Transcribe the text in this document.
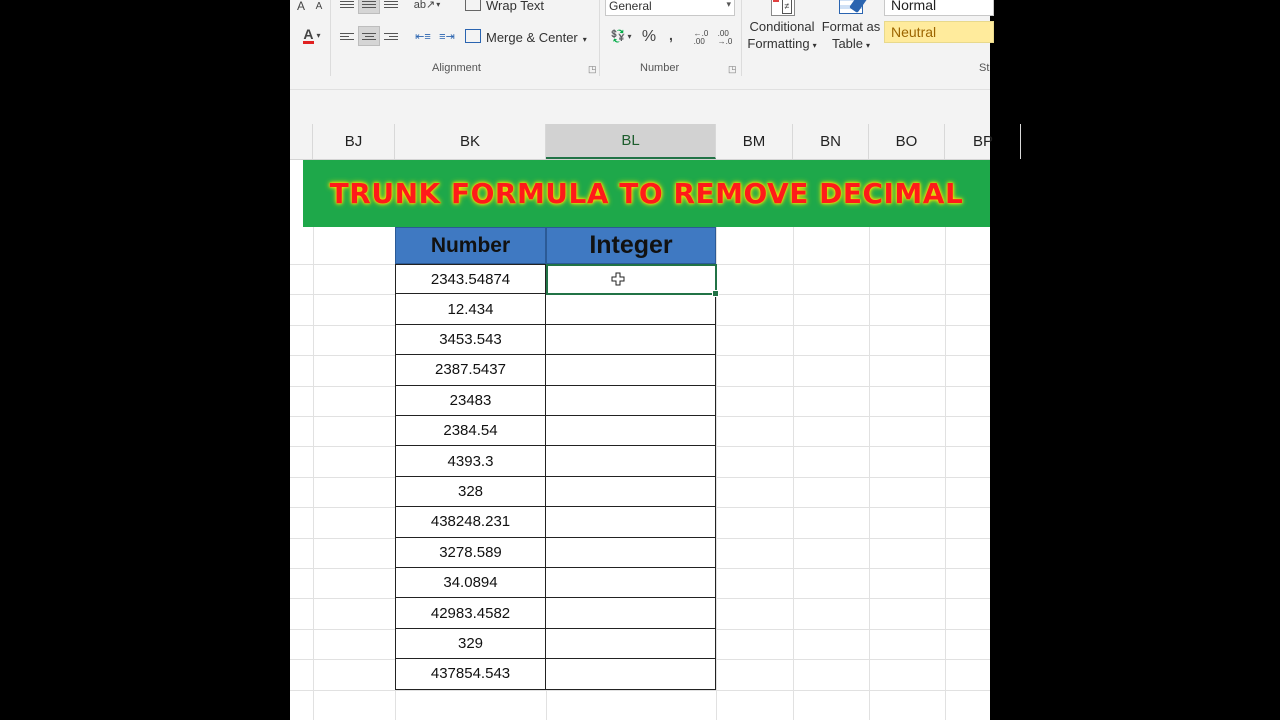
A A
A ▾
ab↗ ▾	Wrap Text
⇤≡ ≡⇥	Merge & Center ▾
Alignment	◳
General	▾
💱 ▾ % ,	←.0
.00
.00
→.0
Number	◳
≠
Conditional
Formatting ▾
Format as
Table ▾
Normal
Neutral
St
BJ	BK	BL	BM	BN	BO	BP
TRUNK FORMULA TO REMOVE DECIMAL
Number	Integer
2343.54874
12.434
3453.543
2387.5437
23483
2384.54
4393.3
328
438248.231
3278.589
34.0894
42983.4582
329
437854.543
